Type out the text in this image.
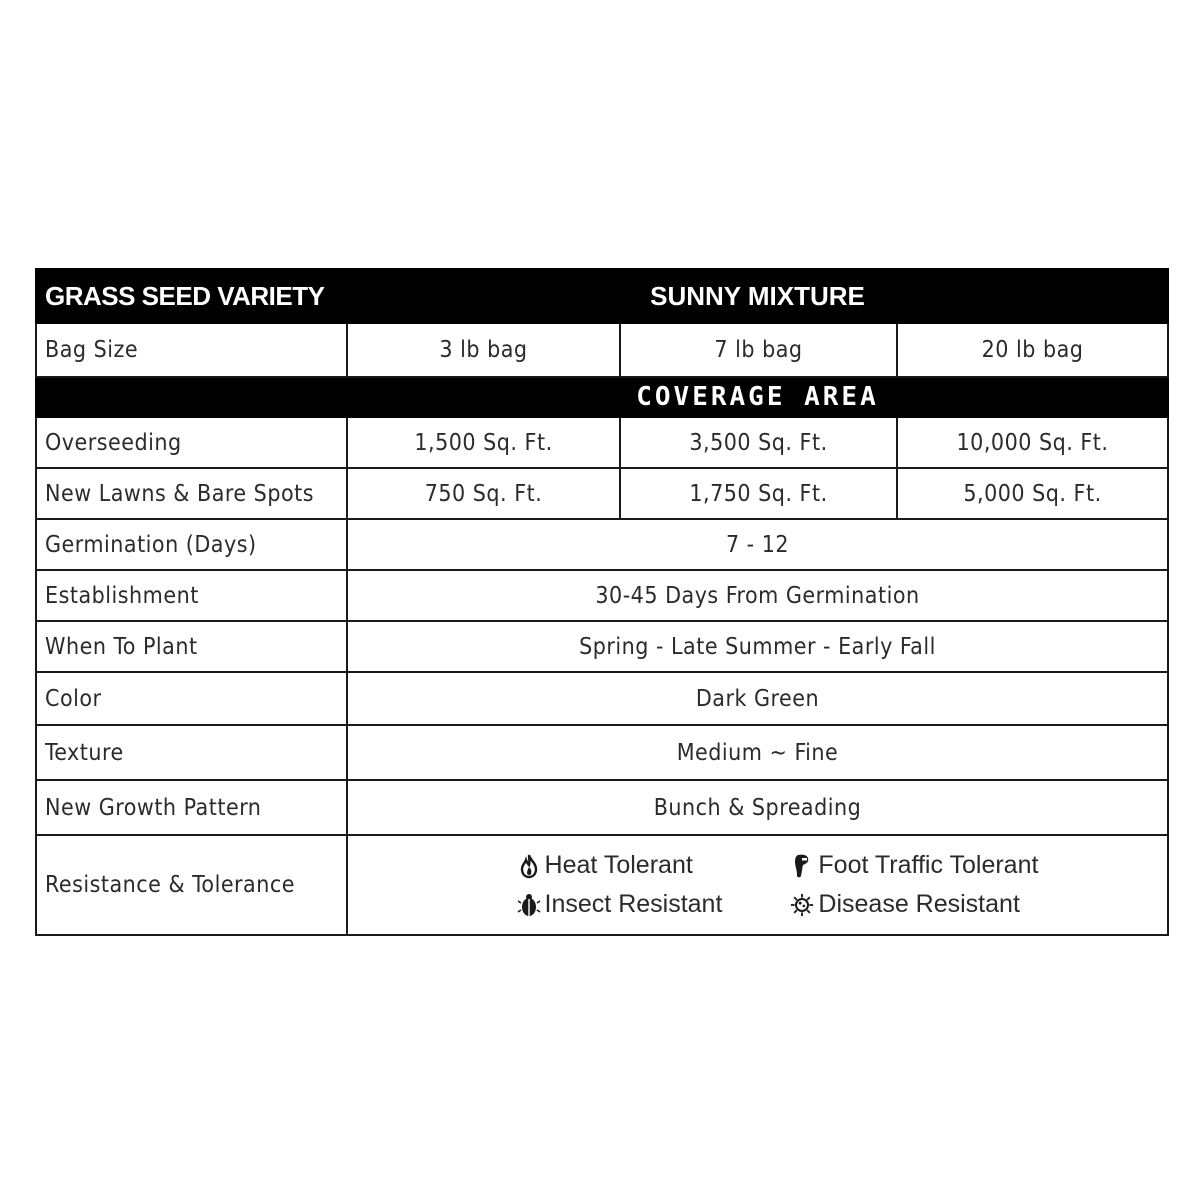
GRASS SEED VARIETY	SUNNY MIXTURE		
Bag Size	3 lb bag	7 lb bag	20 lb bag
	COVERAGE AREA		
Overseeding	1,500 Sq. Ft.	3,500 Sq. Ft.	10,000 Sq. Ft.
New Lawns & Bare Spots	750 Sq. Ft.	1,750 Sq. Ft.	5,000 Sq. Ft.
Germination (Days)	7 - 12		
Establishment	30-45 Days From Germination		
When To Plant	Spring - Late Summer - Early Fall		
Color	Dark Green		
Texture	Medium ~ Fine		
New Growth Pattern	Bunch & Spreading		
Resistance & Tolerance	Heat Tolerant Foot Traffic Tolerant
Insect Resistant Disease Resistant		
